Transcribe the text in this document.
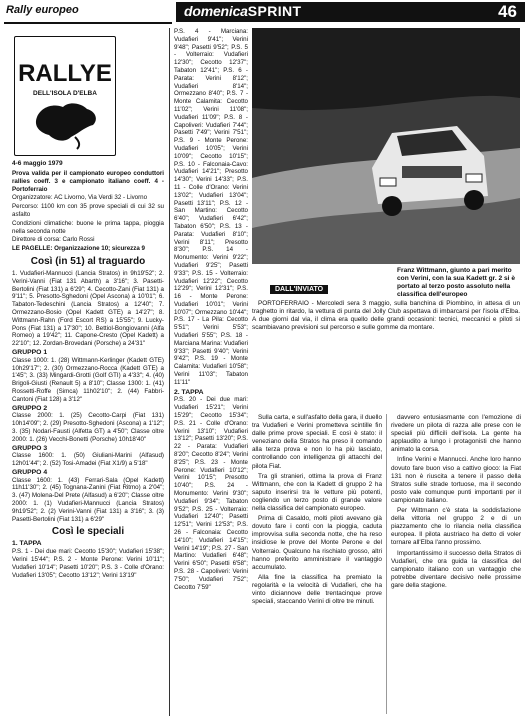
Rally europeo	domenicaSPRINT	46
RALLYE
DELL'ISOLA D'ELBA
4-6 maggio 1979

Prova valida per il campionato europeo conduttori rallies coeff. 3 e campionato italiano coeff. 4 - Portoferraio

Organizzatore: AC Livorno, Via Verdi 32 - Livorno

Percorso: 1100 km con 35 prove speciali di cui 32 su asfalto

Condizioni climatiche: buone le prima tappa, pioggia nella seconda notte

Direttore di corsa: Carlo Rossi

LE PAGELLE: Organizzazione 10; sicurezza 9

Così (in 51) al traguardo

1. Vudafieri-Mannucci (Lancia Stratos) in 9h19'52"; 2. Verini-Vanni (Fiat 131 Abarth) a 3'16"; 3. Pasetti-Bertolini (Fiat 131) a 6'29"; 4. Cecotto-Zani (Fiat 131) a 9'11"; 5. Presotto-Sghedoni (Opel Ascona) a 10'01"; 6. Tabaton-Tedeschini (Lancia Stratos) a 12'40"; 7. Ormezzano-Bosio (Opel Kadett GTE) a 14'27"; 8. Wittmann-Rahn (Ford Escort RS) a 15'55"; 9. Lucky-Pons (Fiat 131) a 17'30"; 10. Bettiol-Bongiovanni (Alfa Romeo) a 19'42"; 11. Capone-Cresto (Opel Kadett) a 22'10"; 12. Zordan-Brovedani (Porsche) a 24'31"

GRUPPO 1

Classe 1000: 1. (28) Wittmann-Kerlinger (Kadett GTE) 10h29'17"; 2. (30) Ormezzano-Rocca (Kadett GTE) a 1'45"; 3. (33) Mingardi-Grotti (Golf GTI) a 4'33"; 4. (40) Brigoli-Giusti (Renault 5) a 8'10"; Classe 1300: 1. (41) Rossetti-Roffe (Simca) 11h02'10"; 2. (44) Fabbri-Cantoni (Fiat 128) a 3'12"

GRUPPO 2

Classe 2000: 1. (25) Cecotto-Carpi (Fiat 131) 10h14'09"; 2. (29) Presotto-Sghedoni (Ascona) a 1'12"; 3. (35) Nodari-Fausti (Alfetta GT) a 4'50"; Classe oltre 2000: 1. (26) Vecchi-Bonetti (Porsche) 10h18'40"

GRUPPO 3

Classe 1600: 1. (50) Giuliani-Marini (Alfasud) 12h01'44"; 2. (52) Tosi-Amadei (Fiat X1/9) a 5'18"

GRUPPO 4

Classe 1600: 1. (43) Ferrari-Sala (Opel Kadett) 11h11'30"; 2. (45) Tognana-Zanini (Fiat Ritmo) a 2'04"; 3. (47) Molena-Del Prete (Alfasud) a 6'20"; Classe oltre 2000: 1. (1) Vudafieri-Mannucci (Lancia Stratos) 9h19'52"; 2. (2) Verini-Vanni (Fiat 131) a 3'16"; 3. (3) Pasetti-Bertolini (Fiat 131) a 6'29"

Così le speciali
1. TAPPA

P.S. 1 - Dei due mari: Cecotto 15'30"; Vudafieri 15'38"; Verini 15'44"; P.S. 2 - Monte Perone: Verini 10'11"; Vudafieri 10'14"; Pasetti 10'20"; P.S. 3 - Colle d'Orano: Vudafieri 13'05"; Cecotto 13'12"; Verini 13'19"

P.S. 4 - Marciana: Vudafieri 9'41"; Verini 9'48"; Pasetti 9'52"; P.S. 5 - Volterraio: Vudafieri 12'30"; Cecotto 12'37"; Tabaton 12'41"; P.S. 6 - Parata: Verini 8'12"; Vudafieri 8'14"; Ormezzano 8'40"; P.S. 7 - Monte Calamita: Cecotto 11'02"; Verini 11'08"; Vudafieri 11'09"; P.S. 8 - Capoliveri: Vudafieri 7'44"; Pasetti 7'49"; Verini 7'51"; P.S. 9 - Monte Perone: Vudafieri 10'05"; Verini 10'09"; Cecotto 10'15"; P.S. 10 - Falconaia-Cavo: Vudafieri 14'21"; Presotto 14'30"; Verini 14'33"; P.S. 11 - Colle d'Orano: Verini 13'02"; Vudafieri 13'04"; Pasetti 13'11"; P.S. 12 - San Martino: Cecotto 6'40"; Vudafieri 6'42"; Tabaton 6'50"; P.S. 13 - Parata: Vudafieri 8'10"; Verini 8'11"; Presotto 8'30"; P.S. 14 - Monumento: Verini 9'22"; Vudafieri 9'25"; Pasetti 9'33"; P.S. 15 - Volterraio: Vudafieri 12'22"; Cecotto 12'29"; Verini 12'31"; P.S. 16 - Monte Perone: Vudafieri 10'01"; Verini 10'07"; Ormezzano 10'44"; P.S. 17 - La Pila: Cecotto 5'51"; Verini 5'53"; Vudafieri 5'55"; P.S. 18 - Marciana Marina: Vudafieri 9'33"; Pasetti 9'40"; Verini 9'42"; P.S. 19 - Monte Calamita: Vudafieri 10'58"; Verini 11'03"; Tabaton 11'11"

2. TAPPA

P.S. 20 - Dei due mari: Vudafieri 15'21"; Verini 15'29"; Cecotto 15'34"; P.S. 21 - Colle d'Orano: Verini 13'10"; Vudafieri 13'12"; Pasetti 13'20"; P.S. 22 - Parata: Vudafieri 8'20"; Cecotto 8'24"; Verini 8'25"; P.S. 23 - Monte Perone: Vudafieri 10'12"; Verini 10'15"; Presotto 10'40"; P.S. 24 - Monumento: Verini 9'30"; Vudafieri 9'34"; Tabaton 9'52"; P.S. 25 - Volterraio: Vudafieri 12'40"; Pasetti 12'51"; Verini 12'53"; P.S. 26 - Falconaia: Cecotto 14'10"; Vudafieri 14'15"; Verini 14'19"; P.S. 27 - San Martino: Vudafieri 6'48"; Verini 6'50"; Pasetti 6'58"; P.S. 28 - Capoliveri: Verini 7'50"; Vudafieri 7'52"; Cecotto 7'59"

Franz Wittmann, giunto a pari merito con Verini, con la sua Kadett gr. 2 si è portato al terzo posto assoluto nella classifica dell'europeo
DALL'INVIATO

PORTOFERRAIO - Mercoledì sera 3 maggio, sulla banchina di Piombino, in attesa di un traghetto in ritardo, la vettura di punta del Jolly Club aspettava di imbarcarsi per l'isola d'Elba. A due giorni dal via, il clima era quello delle grandi occasioni: tecnici, meccanici e piloti si scambiavano previsioni sul percorso e sulle gomme da montare.

Sulla carta, e sull'asfalto della gara, il duello tra Vudafieri e Verini prometteva scintille fin dalle prime prove speciali. E così è stato: il veneziano della Stratos ha preso il comando alla terza prova e non lo ha più lasciato, controllando con intelligenza gli attacchi del pilota Fiat.

Tra gli stranieri, ottima la prova di Franz Wittmann, che con la Kadett di gruppo 2 ha saputo inserirsi tra le vetture più potenti, cogliendo un terzo posto di grande valore nella classifica del campionato europeo.

Prima di Casaldo, molti piloti avevano già dovuto fare i conti con la pioggia, caduta improvvisa sulla seconda notte, che ha reso insidiose le prove del Monte Perone e del Volterraio. Qualcuno ha rischiato grosso, altri hanno preferito amministrare il vantaggio accumulato.

Alla fine la classifica ha premiato la regolarità e la velocità di Vudafieri, che ha vinto diciannove delle trentacinque prove speciali, staccando Verini di oltre tre minuti.

davvero entusiasmante con l'emozione di rivedere un pilota di razza alle prese con le speciali più difficili dell'isola. La gente ha applaudito a lungo i protagonisti che hanno animato la corsa.

Infine Verini e Mannucci. Anche loro hanno dovuto fare buon viso a cattivo gioco: la Fiat 131 non è riuscita a tenere il passo della Stratos sulle strade tortuose, ma il secondo posto vale comunque punti importanti per il campionato italiano.

Per Wittmann c'è stata la soddisfazione della vittoria nel gruppo 2 e di un piazzamento che lo rilancia nella classifica europea. Il pilota austriaco ha detto di voler tornare all'Elba l'anno prossimo.

Importantissimo il successo della Stratos di Vudafieri, che ora guida la classifica del campionato italiano con un vantaggio che potrebbe diventare decisivo nelle prossime gare della stagione.
